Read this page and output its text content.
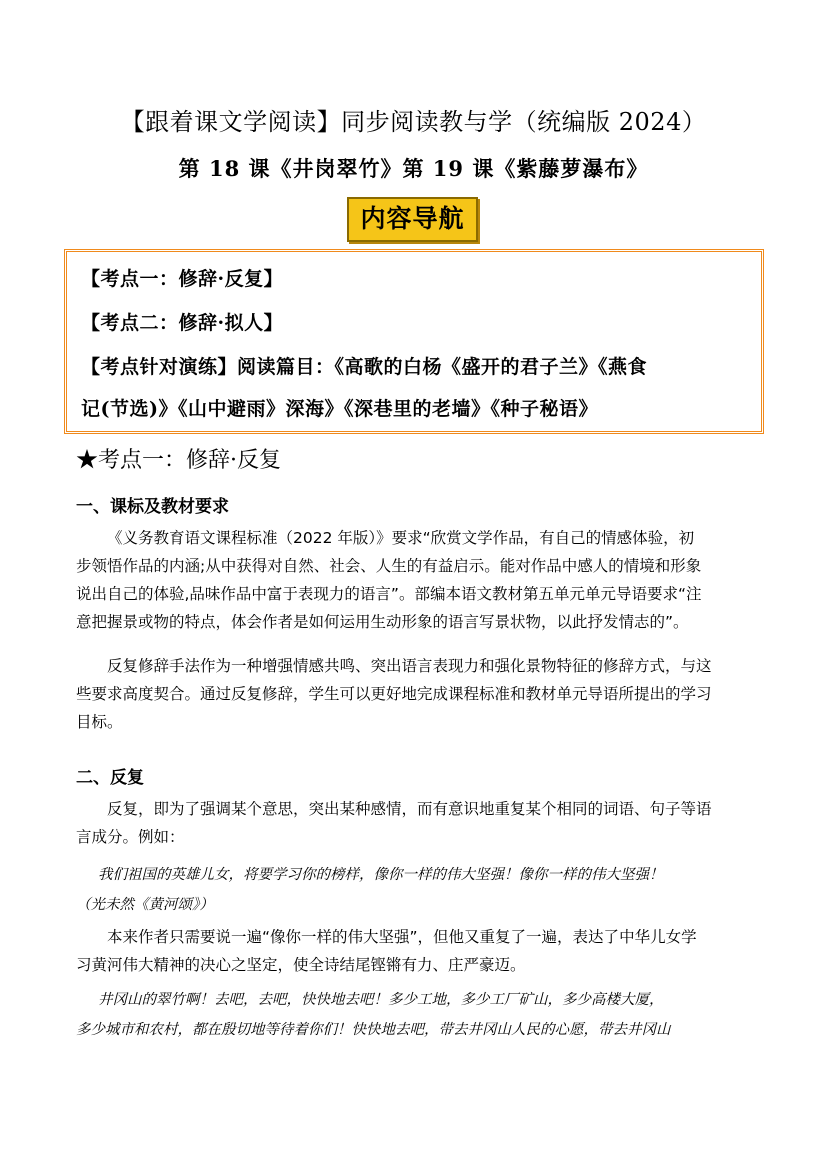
【跟着课文学阅读】同步阅读教与学（统编版 2024）
第 18 课《井岗翠竹》第 19 课《紫藤萝瀑布》
内容导航
【考点一：修辞·反复】
【考点二：修辞·拟人】
【考点针对演练】阅读篇目：《高歌的白杨《盛开的君子兰》《燕食
记(节选)》《山中避雨》深海》《深巷里的老墙》《种子秘语》
★考点一：修辞·反复
一、课标及教材要求
《义务教育语文课程标准（2022 年版）》要求“欣赏文学作品，有自己的情感体验，初
步领悟作品的内涵;从中获得对自然、社会、人生的有益启示。能对作品中感人的情境和形象
说出自己的体验,品味作品中富于表现力的语言”。部编本语文教材第五单元单元导语要求“注
意把握景或物的特点，体会作者是如何运用生动形象的语言写景状物，以此抒发情志的”。
反复修辞手法作为一种增强情感共鸣、突出语言表现力和强化景物特征的修辞方式，与这
些要求高度契合。通过反复修辞，学生可以更好地完成课程标准和教材单元导语所提出的学习
目标。
二、反复
反复，即为了强调某个意思，突出某种感情，而有意识地重复某个相同的词语、句子等语
言成分。例如：
我们祖国的英雄儿女，将要学习你的榜样，像你一样的伟大坚强！像你一样的伟大坚强！
（光未然《黄河颂》）
本来作者只需要说一遍“像你一样的伟大坚强”，但他又重复了一遍，表达了中华儿女学
习黄河伟大精神的决心之坚定，使全诗结尾铿锵有力、庄严豪迈。
井冈山的翠竹啊！去吧，去吧，快快地去吧！多少工地，多少工厂矿山，多少高楼大厦，
多少城市和农村，都在殷切地等待着你们！快快地去吧，带去井冈山人民的心愿，带去井冈山
